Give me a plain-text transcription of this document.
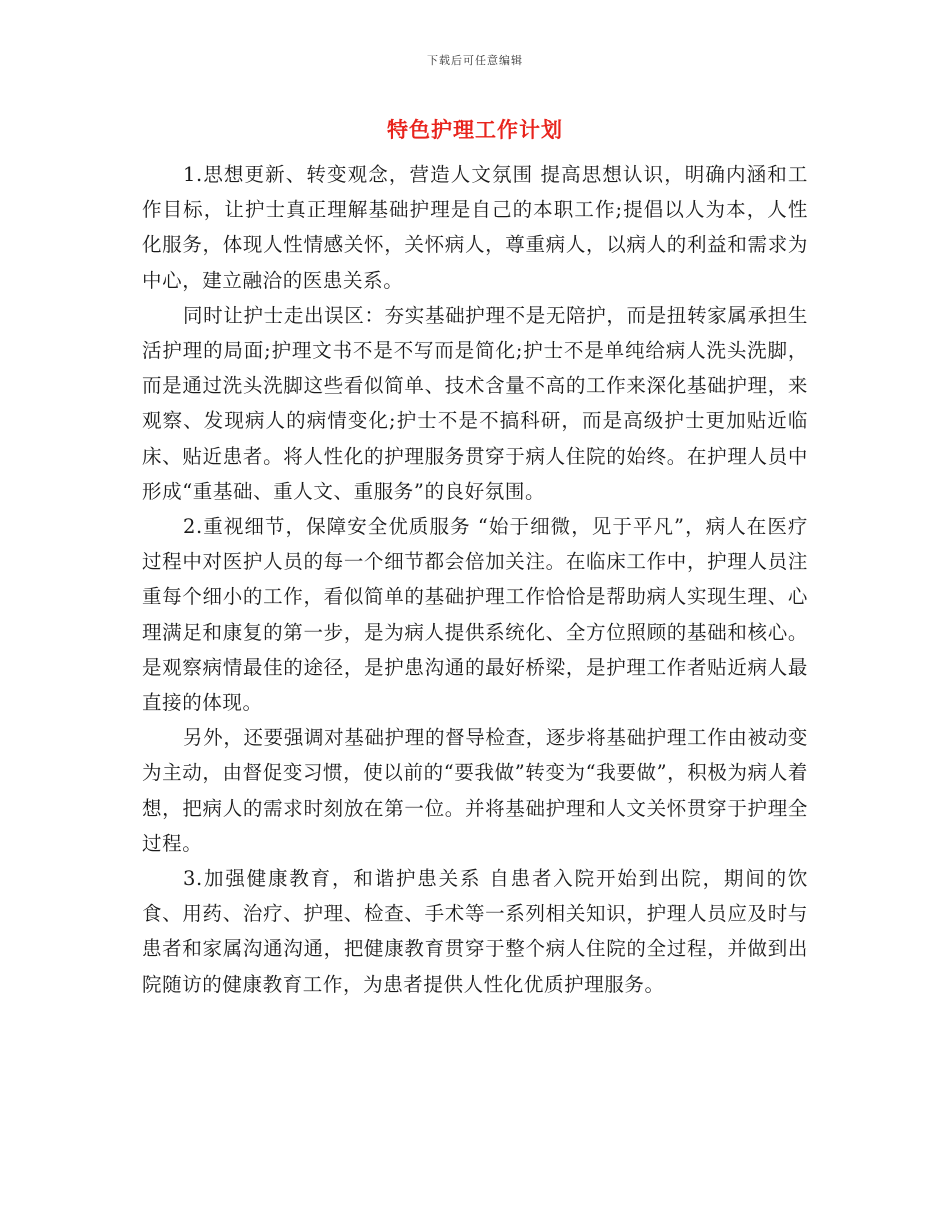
下载后可任意编辑
特色护理工作计划

1.思想更新、转变观念，营造人文氛围 提高思想认识，明确内涵和工作目标，让护士真正理解基础护理是自己的本职工作;提倡以人为本，人性化服务，体现人性情感关怀，关怀病人，尊重病人，以病人的利益和需求为中心，建立融洽的医患关系。

同时让护士走出误区：夯实基础护理不是无陪护，而是扭转家属承担生活护理的局面;护理文书不是不写而是简化;护士不是单纯给病人洗头洗脚，而是通过洗头洗脚这些看似简单、技术含量不高的工作来深化基础护理，来观察、发现病人的病情变化;护士不是不搞科研，而是高级护士更加贴近临床、贴近患者。将人性化的护理服务贯穿于病人住院的始终。在护理人员中形成“重基础、重人文、重服务”的良好氛围。

2.重视细节，保障安全优质服务 “始于细微，见于平凡”，病人在医疗过程中对医护人员的每一个细节都会倍加关注。在临床工作中，护理人员注重每个细小的工作，看似简单的基础护理工作恰恰是帮助病人实现生理、心理满足和康复的第一步，是为病人提供系统化、全方位照顾的基础和核心。是观察病情最佳的途径，是护患沟通的最好桥梁，是护理工作者贴近病人最直接的体现。

另外，还要强调对基础护理的督导检查，逐步将基础护理工作由被动变为主动，由督促变习惯，使以前的“要我做”转变为“我要做”，积极为病人着想，把病人的需求时刻放在第一位。并将基础护理和人文关怀贯穿于护理全过程。

3.加强健康教育，和谐护患关系 自患者入院开始到出院，期间的饮食、用药、治疗、护理、检查、手术等一系列相关知识，护理人员应及时与患者和家属沟通沟通，把健康教育贯穿于整个病人住院的全过程，并做到出院随访的健康教育工作，为患者提供人性化优质护理服务。
